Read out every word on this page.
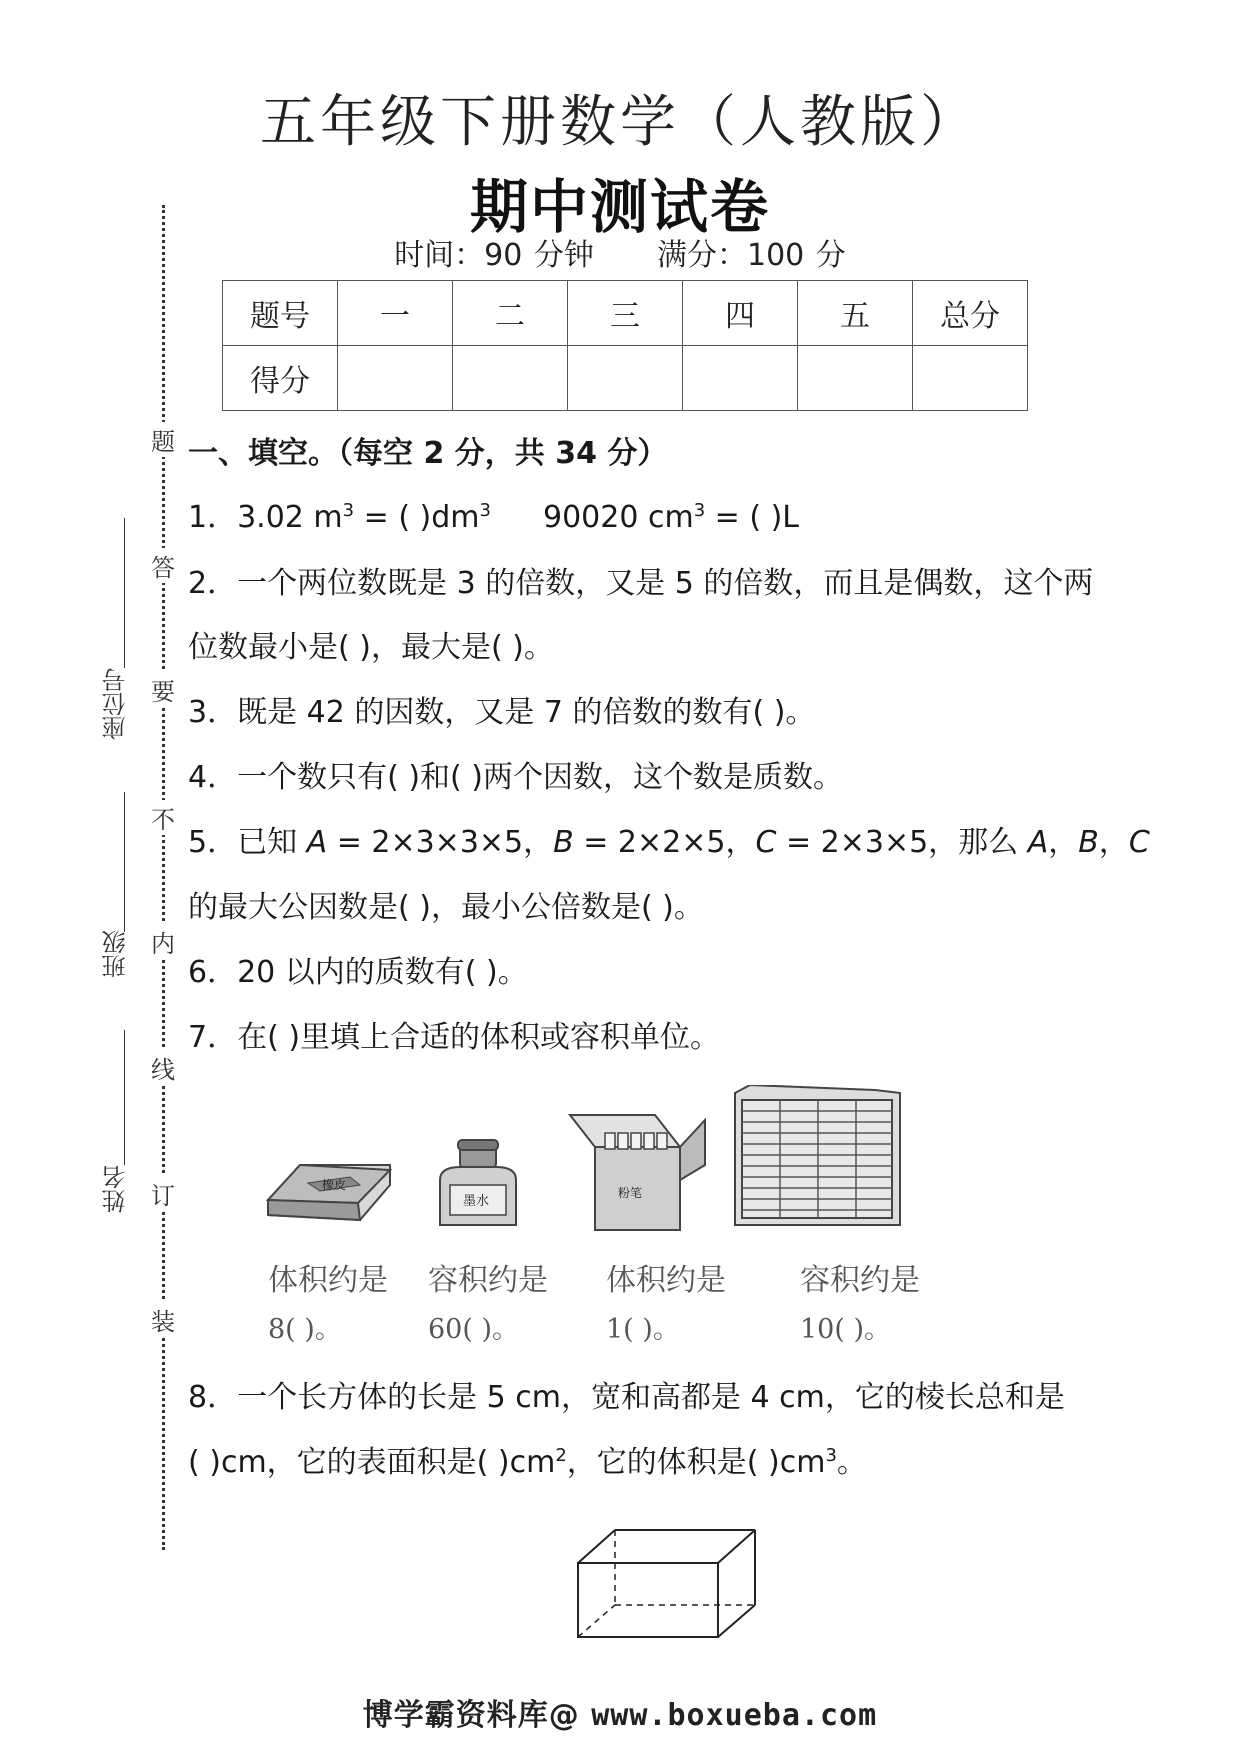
五年级下册数学（人教版）
期中测试卷
时间：90 分钟 满分：100 分
题号	一	二	三	四	五	总分
得分						
题
答
要
不
内
线
订
装
座位号
班级
姓名
一、填空。（每空 2 分，共 34 分）
1．3.02 $m^3$ = ( )$dm^3$ 90020 $cm^3$ = ( )L
2．一个两位数既是 3 的倍数，又是 5 的倍数，而且是偶数，这个两
位数最小是( )，最大是( )。
3．既是 42 的因数，又是 7 的倍数的数有( )。
4．一个数只有( )和( )两个因数，这个数是质数。
5．已知 A = 2×3×3×5，B = 2×2×5，C = 2×3×5，那么 A，B，C
的最大公因数是( )，最小公倍数是( )。
6．20 以内的质数有( )。
7．在( )里填上合适的体积或容积单位。
橡皮
墨水
粉笔
体积约是 容积约是 体积约是 容积约是
8( )。	60( )。	1( )。	10( )。
8．一个长方体的长是 5 cm，宽和高都是 4 cm，它的棱长总和是
( )cm，它的表面积是( )$cm^2$，它的体积是( )$cm^3$。
博学霸资料库@ www.boxueba.com
